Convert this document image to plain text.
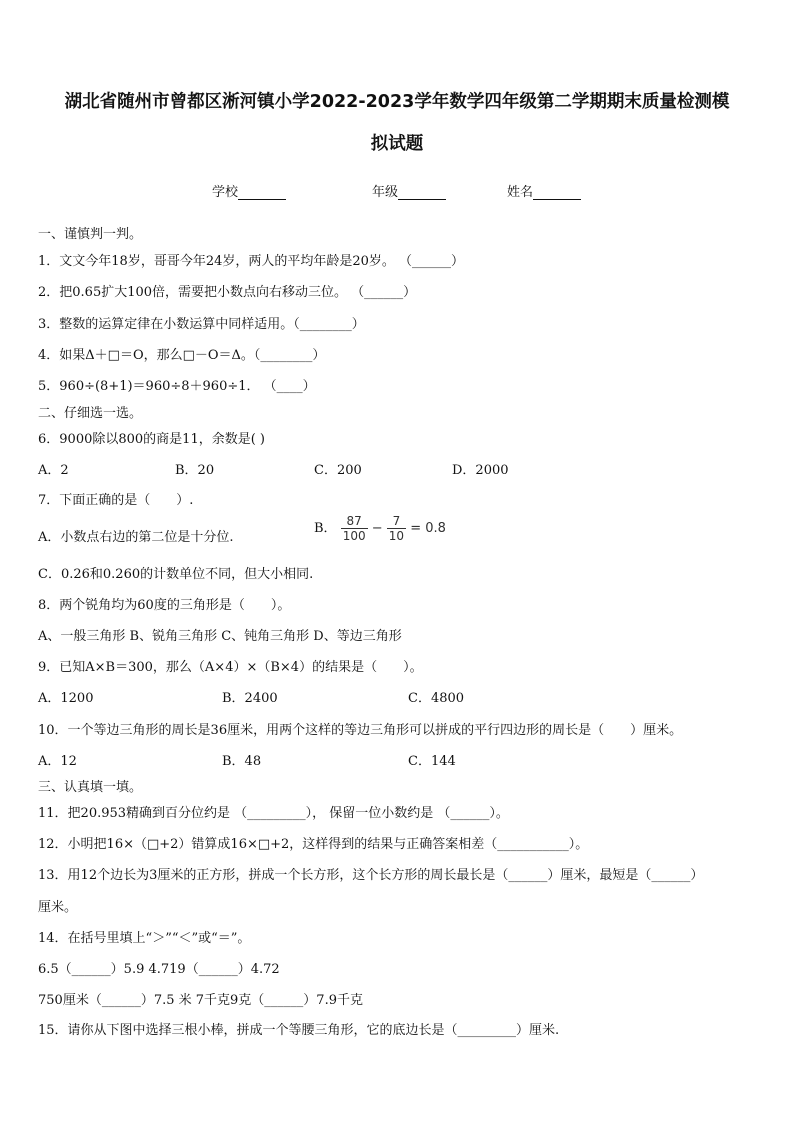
湖北省随州市曾都区淅河镇小学2022-2023学年数学四年级第二学期期末质量检测模
拟试题
学校	年级	姓名
一、谨慎判一判。
1．文文今年18岁，哥哥今年24岁，两人的平均年龄是20岁。 （______）
2．把0.65扩大100倍，需要把小数点向右移动三位。 （______）
3．整数的运算定律在小数运算中同样适用。（________）
4．如果Δ＋□＝O，那么□－O＝Δ。（________）
5．960÷(8+1)＝960÷8＋960÷1． （____）
二、仔细选一选。
6．9000除以800的商是11，余数是( )
A．2	B．20	C．200	D．2000
7．下面正确的是（　　）.
A．小数点右边的第二位是十分位.
B． $\frac{87}{100} - \frac{7}{10} = 0.8$
C．0.26和0.260的计数单位不同，但大小相同.
8．两个锐角均为60度的三角形是（　　）。
A、一般三角形 B、锐角三角形 C、钝角三角形 D、等边三角形
9．已知A×B＝300，那么（A×4）×（B×4）的结果是（　　）。
A．1200	B．2400	C．4800
10．一个等边三角形的周长是36厘米，用两个这样的等边三角形可以拼成的平行四边形的周长是（　　）厘米。
A．12	B．48	C．144
三、认真填一填。
11．把20.953精确到百分位约是 （_________）， 保留一位小数约是 （______）。
12．小明把16×（□+2）错算成16×□+2，这样得到的结果与正确答案相差（___________）。
13．用12个边长为3厘米的正方形，拼成一个长方形，这个长方形的周长最长是（______）厘米，最短是（______）
厘米。
14．在括号里填上“＞”“＜”或“＝”。
6.5（______）5.9 4.719（______）4.72
750厘米（______）7.5 米 7千克9克（______）7.9千克
15．请你从下图中选择三根小棒，拼成一个等腰三角形，它的底边长是（_________）厘米.
